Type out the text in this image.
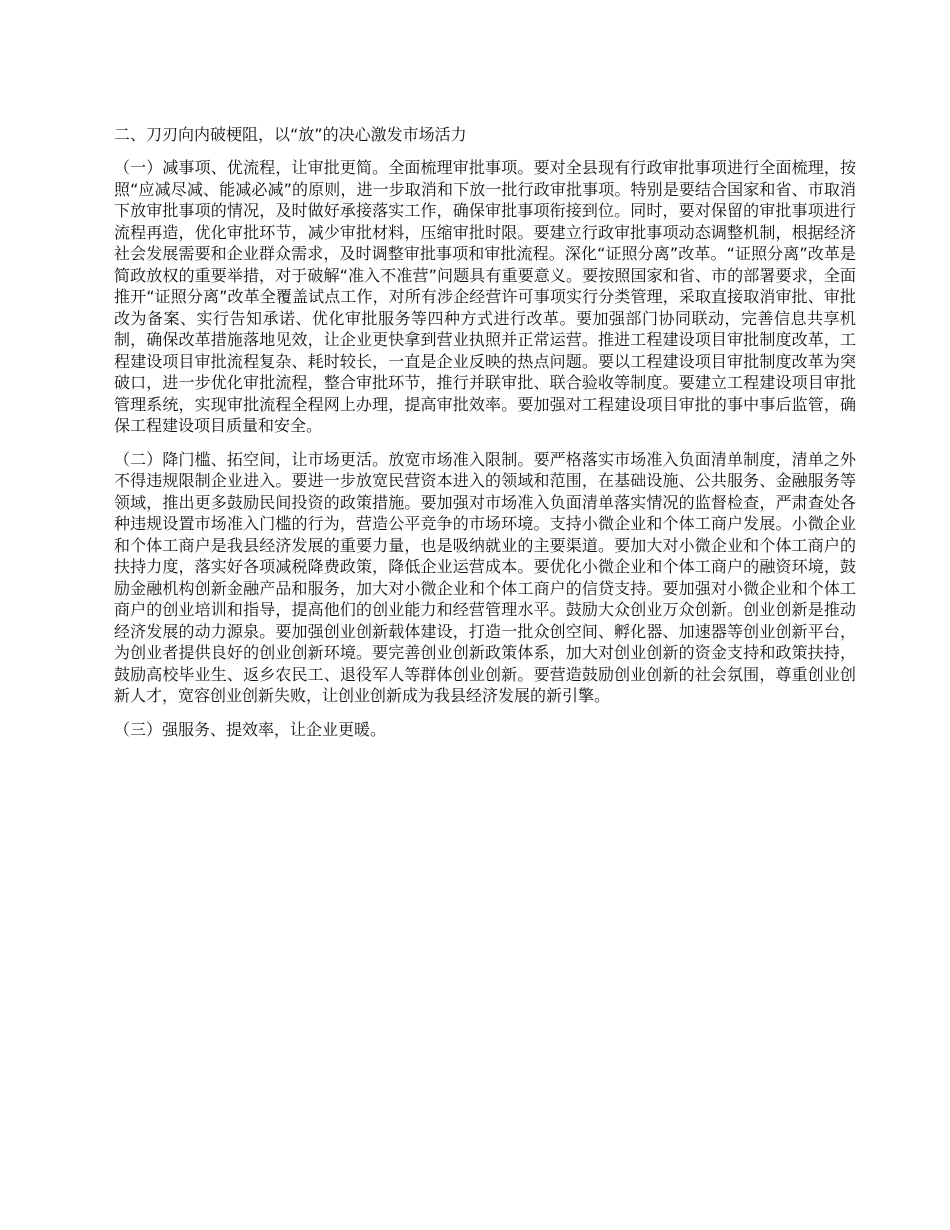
二、刀刃向内破梗阻，以“放”的决心激发市场活力

（一）减事项、优流程，让审批更简。全面梳理审批事项。要对全县现有行政审批事项进行全面梳理，按照“应减尽减、能减必减”的原则，进一步取消和下放一批行政审批事项。特别是要结合国家和省、市取消下放审批事项的情况，及时做好承接落实工作，确保审批事项衔接到位。同时，要对保留的审批事项进行流程再造，优化审批环节，减少审批材料，压缩审批时限。要建立行政审批事项动态调整机制，根据经济社会发展需要和企业群众需求，及时调整审批事项和审批流程。深化“证照分离”改革。“证照分离”改革是简政放权的重要举措，对于破解“准入不准营”问题具有重要意义。要按照国家和省、市的部署要求，全面推开“证照分离”改革全覆盖试点工作，对所有涉企经营许可事项实行分类管理，采取直接取消审批、审批改为备案、实行告知承诺、优化审批服务等四种方式进行改革。要加强部门协同联动，完善信息共享机制，确保改革措施落地见效，让企业更快拿到营业执照并正常运营。推进工程建设项目审批制度改革，工程建设项目审批流程复杂、耗时较长，一直是企业反映的热点问题。要以工程建设项目审批制度改革为突破口，进一步优化审批流程，整合审批环节，推行并联审批、联合验收等制度。要建立工程建设项目审批管理系统，实现审批流程全程网上办理，提高审批效率。要加强对工程建设项目审批的事中事后监管，确保工程建设项目质量和安全。

（二）降门槛、拓空间，让市场更活。放宽市场准入限制。要严格落实市场准入负面清单制度，清单之外不得违规限制企业进入。要进一步放宽民营资本进入的领域和范围，在基础设施、公共服务、金融服务等领域，推出更多鼓励民间投资的政策措施。要加强对市场准入负面清单落实情况的监督检查，严肃查处各种违规设置市场准入门槛的行为，营造公平竞争的市场环境。支持小微企业和个体工商户发展。小微企业和个体工商户是我县经济发展的重要力量，也是吸纳就业的主要渠道。要加大对小微企业和个体工商户的扶持力度，落实好各项减税降费政策，降低企业运营成本。要优化小微企业和个体工商户的融资环境，鼓励金融机构创新金融产品和服务，加大对小微企业和个体工商户的信贷支持。要加强对小微企业和个体工商户的创业培训和指导，提高他们的创业能力和经营管理水平。鼓励大众创业万众创新。创业创新是推动经济发展的动力源泉。要加强创业创新载体建设，打造一批众创空间、孵化器、加速器等创业创新平台，为创业者提供良好的创业创新环境。要完善创业创新政策体系，加大对创业创新的资金支持和政策扶持，鼓励高校毕业生、返乡农民工、退役军人等群体创业创新。要营造鼓励创业创新的社会氛围，尊重创业创新人才，宽容创业创新失败，让创业创新成为我县经济发展的新引擎。

（三）强服务、提效率，让企业更暖。
